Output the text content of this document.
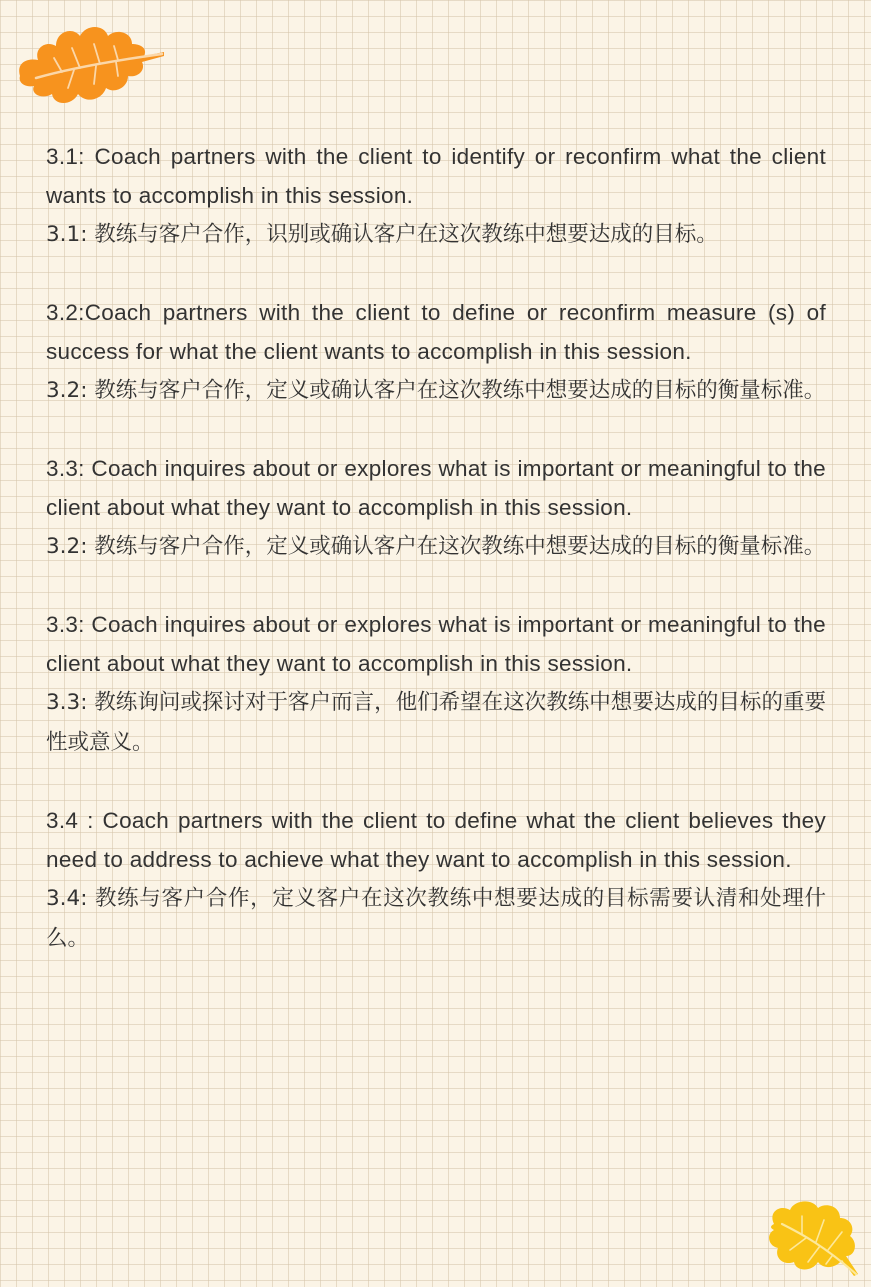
3.1: Coach partners with the client to identify or reconfirm what the client wants to accomplish in this session.

3.1: 教练与客户合作，识别或确认客户在这次教练中想要达成的目标。

3.2:Coach partners with the client to define or reconfirm measure (s) of success for what the client wants to accomplish in this session.

3.2: 教练与客户合作，定义或确认客户在这次教练中想要达成的目标的衡量标准。

3.3: Coach inquires about or explores what is important or meaningful to the client about what they want to accomplish in this session.

3.2: 教练与客户合作，定义或确认客户在这次教练中想要达成的目标的衡量标准。

3.3: Coach inquires about or explores what is important or meaningful to the client about what they want to accomplish in this session.

3.3: 教练询问或探讨对于客户而言，他们希望在这次教练中想要达成的目标的重要性或意义。

3.4 : Coach partners with the client to define what the client believes they need to address to achieve what they want to accomplish in this session.

3.4: 教练与客户合作，定义客户在这次教练中想要达成的目标需要认清和处理什么。
